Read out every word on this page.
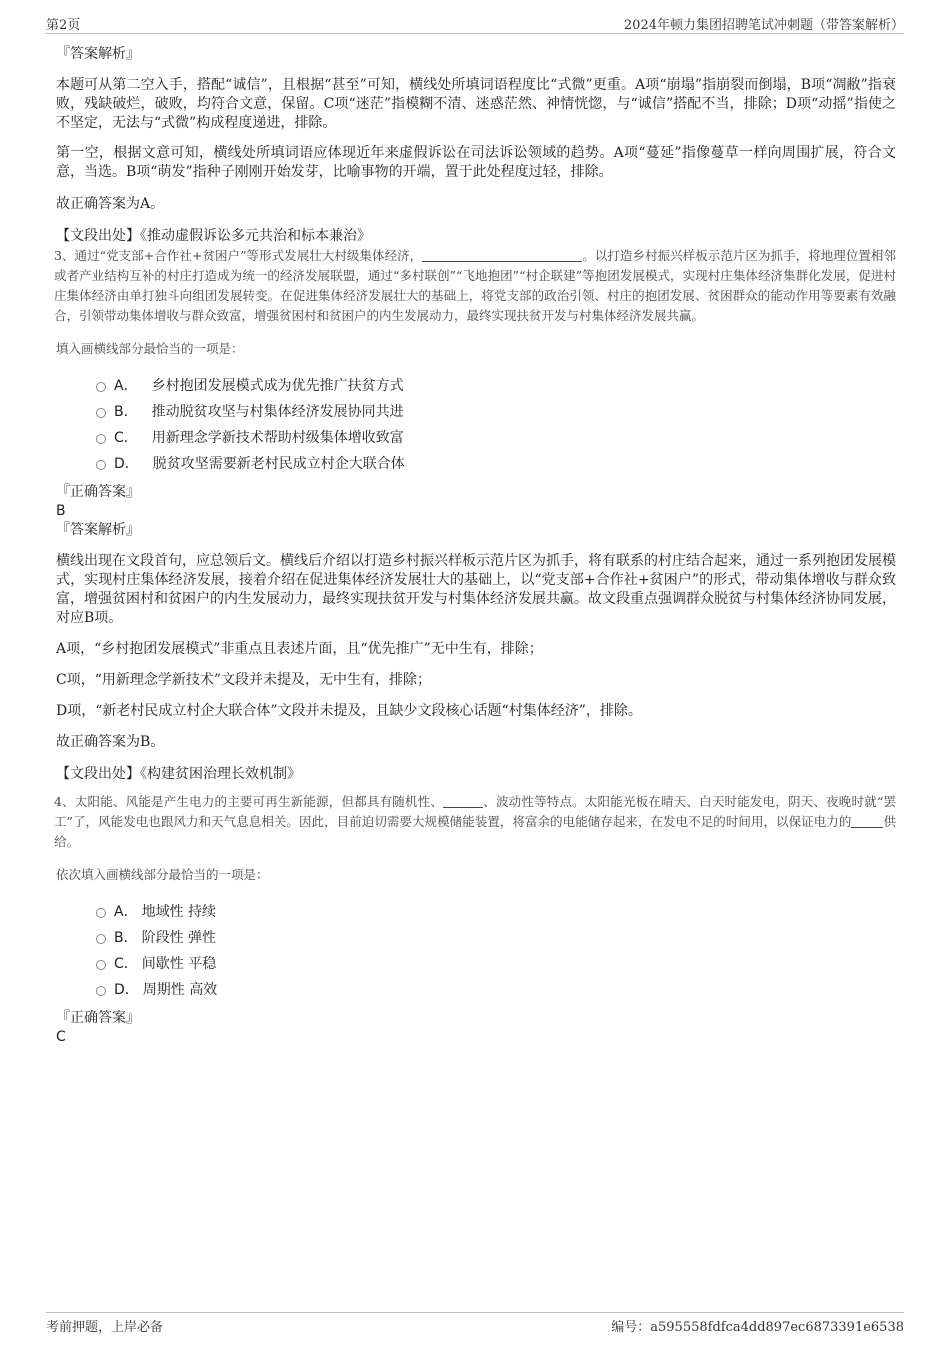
第2页	2024年顿力集团招聘笔试冲刺题（带答案解析）
『答案解析』

本题可从第二空入手，搭配“诚信”，且根据“甚至”可知，横线处所填词语程度比“式微”更重。A项“崩塌”指崩裂而倒塌，B项“凋敝”指衰败，残缺破烂，破败，均符合文意，保留。C项“迷茫”指模糊不清、迷惑茫然、神情恍惚，与“诚信”搭配不当，排除；D项“动摇”指使之不坚定，无法与“式微”构成程度递进，排除。

第一空，根据文意可知，横线处所填词语应体现近年来虚假诉讼在司法诉讼领域的趋势。A项“蔓延”指像蔓草一样向周围扩展，符合文意，当选。B项“萌发”指种子刚刚开始发芽，比喻事物的开端，置于此处程度过轻，排除。

故正确答案为A。

【文段出处】《推动虚假诉讼多元共治和标本兼治》

3、通过“党支部+合作社+贫困户”等形式发展壮大村级集体经济，	。以打造乡村振兴样板示范片区为抓手，将地理位置相邻或者产业结构互补的村庄打造成为统一的经济发展联盟，通过“多村联创”“飞地抱团”“村企联建”等抱团发展模式，实现村庄集体经济集群化发展，促进村庄集体经济由单打独斗向组团发展转变。在促进集体经济发展壮大的基础上，将党支部的政治引领、村庄的抱团发展、贫困群众的能动作用等要素有效融合，引领带动集体增收与群众致富，增强贫困村和贫困户的内生发展动力，最终实现扶贫开发与村集体经济发展共赢。

填入画横线部分最恰当的一项是：

A． 乡村抱团发展模式成为优先推广扶贫方式
B． 推动脱贫攻坚与村集体经济发展协同共进
C． 用新理念学新技术帮助村级集体增收致富
D． 脱贫攻坚需要新老村民成立村企大联合体
『正确答案』
B
『答案解析』

横线出现在文段首句，应总领后文。横线后介绍以打造乡村振兴样板示范片区为抓手，将有联系的村庄结合起来，通过一系列抱团发展模式，实现村庄集体经济发展，接着介绍在促进集体经济发展壮大的基础上，以“党支部+合作社+贫困户”的形式，带动集体增收与群众致富，增强贫困村和贫困户的内生发展动力，最终实现扶贫开发与村集体经济发展共赢。故文段重点强调群众脱贫与村集体经济协同发展，对应B项。

A项，“乡村抱团发展模式”非重点且表述片面，且“优先推广”无中生有，排除；

C项，“用新理念学新技术”文段并未提及，无中生有，排除；

D项，“新老村民成立村企大联合体”文段并未提及，且缺少文段核心话题“村集体经济”，排除。

故正确答案为B。

【文段出处】《构建贫困治理长效机制》

4、太阳能、风能是产生电力的主要可再生新能源，但都具有随机性、	、波动性等特点。太阳能光板在晴天、白天时能发电，阴天、夜晚时就“罢工”了，风能发电也跟风力和天气息息相关。因此，目前迫切需要大规模储能装置，将富余的电能储存起来，在发电不足的时间用，以保证电力的	供给。

依次填入画横线部分最恰当的一项是：

A． 地域性 持续
B． 阶段性 弹性
C． 间歇性 平稳
D． 周期性 高效
『正确答案』
C
考前押题，上岸必备	编号：a595558fdfca4dd897ec6873391e6538
